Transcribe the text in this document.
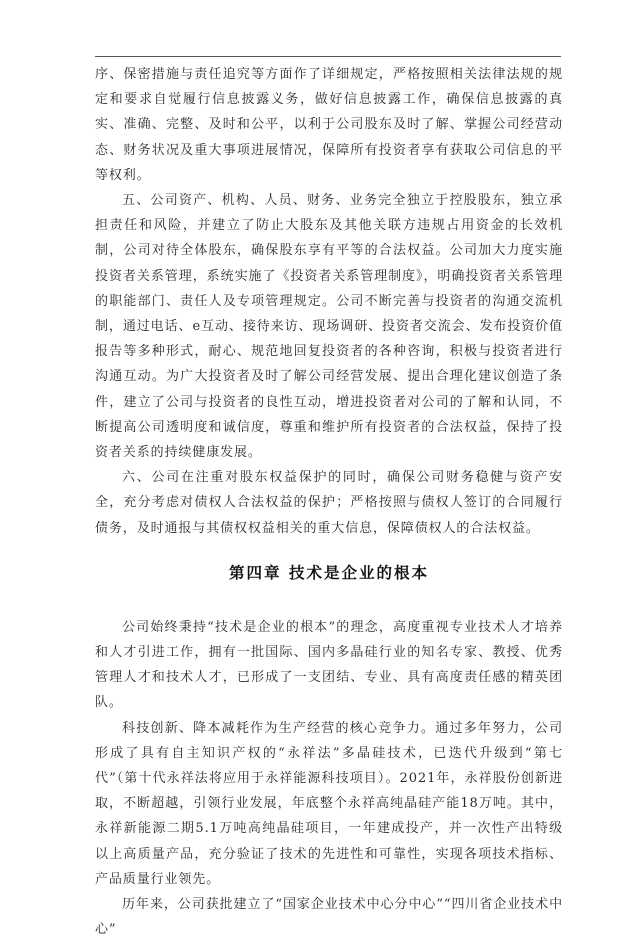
序、保密措施与责任追究等方面作了详细规定，严格按照相关法律法规的规定和要求自觉履行信息披露义务，做好信息披露工作，确保信息披露的真实、准确、完整、及时和公平，以利于公司股东及时了解、掌握公司经营动态、财务状况及重大事项进展情况，保障所有投资者享有获取公司信息的平等权利。

五、公司资产、机构、人员、财务、业务完全独立于控股股东，独立承担责任和风险，并建立了防止大股东及其他关联方违规占用资金的长效机制，公司对待全体股东，确保股东享有平等的合法权益。公司加大力度实施投资者关系管理，系统实施了《投资者关系管理制度》，明确投资者关系管理的职能部门、责任人及专项管理规定。公司不断完善与投资者的沟通交流机制，通过电话、e互动、接待来访、现场调研、投资者交流会、发布投资价值报告等多种形式，耐心、规范地回复投资者的各种咨询，积极与投资者进行沟通互动。为广大投资者及时了解公司经营发展、提出合理化建议创造了条件，建立了公司与投资者的良性互动，增进投资者对公司的了解和认同，不断提高公司透明度和诚信度，尊重和维护所有投资者的合法权益，保持了投资者关系的持续健康发展。

六、公司在注重对股东权益保护的同时，确保公司财务稳健与资产安全，充分考虑对债权人合法权益的保护；严格按照与债权人签订的合同履行债务，及时通报与其债权权益相关的重大信息，保障债权人的合法权益。

第四章 技术是企业的根本

公司始终秉持“技术是企业的根本”的理念，高度重视专业技术人才培养和人才引进工作，拥有一批国际、国内多晶硅行业的知名专家、教授、优秀管理人才和技术人才，已形成了一支团结、专业、具有高度责任感的精英团队。

科技创新、降本减耗作为生产经营的核心竞争力。通过多年努力，公司形成了具有自主知识产权的“永祥法”多晶硅技术，已迭代升级到“第七代”（第十代永祥法将应用于永祥能源科技项目）。2021年，永祥股份创新进取，不断超越，引领行业发展，年底整个永祥高纯晶硅产能18万吨。其中，永祥新能源二期5.1万吨高纯晶硅项目，一年建成投产，并一次性产出特级以上高质量产品，充分验证了技术的先进性和可靠性，实现各项技术指标、产品质量行业领先。

历年来，公司获批建立了“国家企业技术中心分中心”“四川省企业技术中心”
